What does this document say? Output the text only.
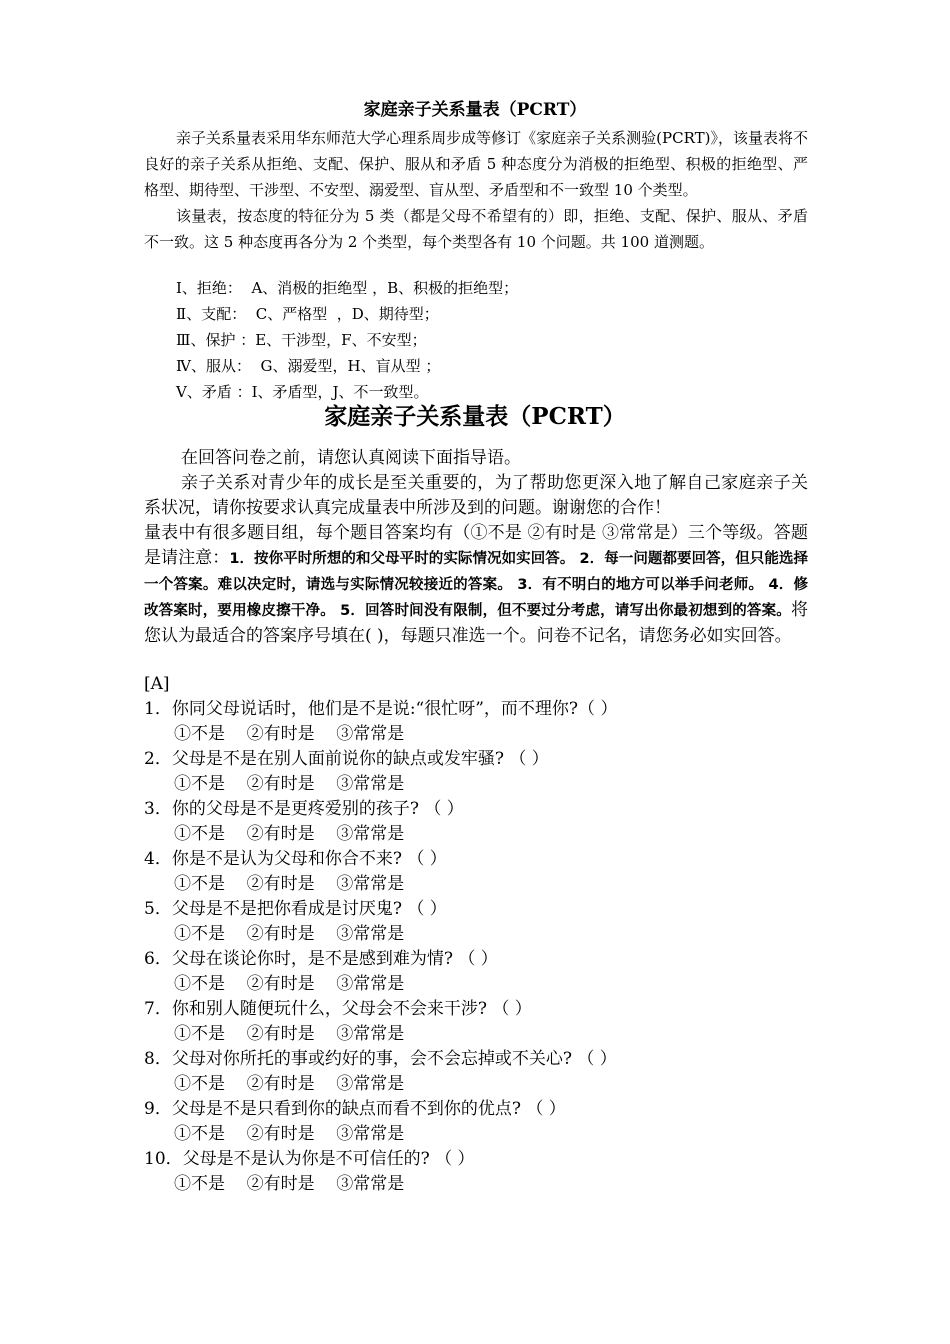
家庭亲子关系量表（PCRT）

亲子关系量表采用华东师范大学心理系周步成等修订《家庭亲子关系测验(PCRT)》，该量表将不良好的亲子关系从拒绝、支配、保护、服从和矛盾 5 种态度分为消极的拒绝型、积极的拒绝型、严格型、期待型、干涉型、不安型、溺爱型、盲从型、矛盾型和不一致型 10 个类型。

该量表，按态度的特征分为 5 类（都是父母不希望有的）即，拒绝、支配、保护、服从、矛盾不一致。这 5 种态度再各分为 2 个类型，每个类型各有 10 个问题。共 100 道测题。

Ⅰ、拒绝：  A、消极的拒绝型 ，B、积极的拒绝型；
Ⅱ、支配：  C、严格型  ，D、期待型；
Ⅲ、保护 ：E、干涉型，F、不安型；
Ⅳ、服从：  G、溺爱型，H、盲从型 ；
Ⅴ、矛盾 ：I、矛盾型，J、不一致型。
家庭亲子关系量表（PCRT）

在回答问卷之前，请您认真阅读下面指导语。

亲子关系对青少年的成长是至关重要的，为了帮助您更深入地了解自己家庭亲子关系状况，请你按要求认真完成量表中所涉及到的问题。谢谢您的合作！

量表中有很多题目组，每个题目答案均有（①不是 ②有时是 ③常常是）三个等级。答题是请注意：1．按你平时所想的和父母平时的实际情况如实回答。 2．每一问题都要回答，但只能选择一个答案。难以决定时，请选与实际情况较接近的答案。 3．有不明白的地方可以举手问老师。 4．修改答案时，要用橡皮擦干净。 5．回答时间没有限制，但不要过分考虑，请写出你最初想到的答案。将您认为最适合的答案序号填在( )，每题只准选一个。问卷不记名，请您务必如实回答。

[A]
1．你同父母说话时，他们是不是说:“很忙呀”，而不理你?（ ）
①不是    ②有时是    ③常常是
2．父母是不是在别人面前说你的缺点或发牢骚? （ ）
①不是    ②有时是    ③常常是
3．你的父母是不是更疼爱别的孩子? （ ）
①不是    ②有时是    ③常常是
4．你是不是认为父母和你合不来? （ ）
①不是    ②有时是    ③常常是
5．父母是不是把你看成是讨厌鬼? （ ）
①不是    ②有时是    ③常常是
6．父母在谈论你时，是不是感到难为情? （ ）
①不是    ②有时是    ③常常是
7．你和别人随便玩什么，父母会不会来干涉? （ ）
①不是    ②有时是    ③常常是
8．父母对你所托的事或约好的事，会不会忘掉或不关心? （ ）
①不是    ②有时是    ③常常是
9．父母是不是只看到你的缺点而看不到你的优点? （ ）
①不是    ②有时是    ③常常是
10．父母是不是认为你是不可信任的? （ ）
①不是    ②有时是    ③常常是
